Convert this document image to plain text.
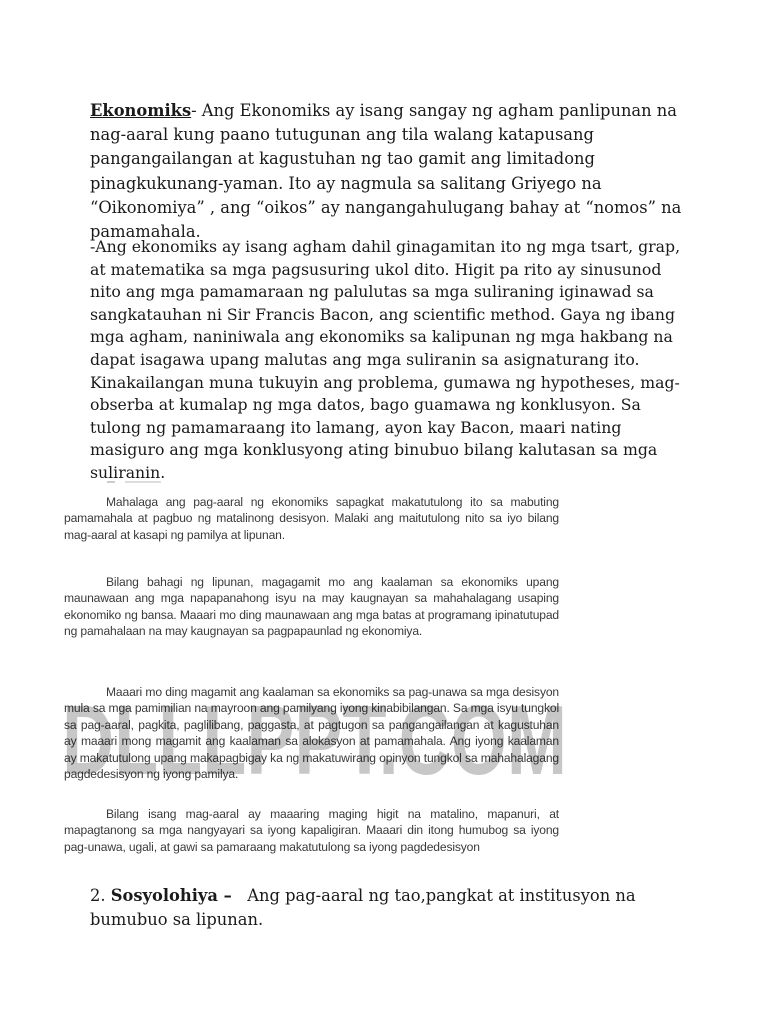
Ekonomiks- Ang Ekonomiks ay isang sangay ng agham panlipunan na nag-aaral kung paano tutugunan ang tila walang katapusang pangangailangan at kagustuhan ng tao gamit ang limitadong pinagkukunang-yaman. Ito ay nagmula sa salitang Griyego na “Oikonomiya” , ang “oikos” ay nangangahulugang bahay at “nomos” na pamamahala.
-Ang ekonomiks ay isang agham dahil ginagamitan ito ng mga tsart, grap, at matematika sa mga pagsusuring ukol dito. Higit pa rito ay sinusunod nito ang mga pamamaraan ng palulutas sa mga suliraning iginawad sa sangkatauhan ni Sir Francis Bacon, ang scientific method. Gaya ng ibang mga agham, naniniwala ang ekonomiks sa kalipunan ng mga hakbang na dapat isagawa upang malutas ang mga suliranin sa asignaturang ito. Kinakailangan muna tukuyin ang problema, gumawa ng hypotheses, mag-obserba at kumalap ng mga datos, bago guamawa ng konklusyon. Sa tulong ng pamamaraang ito lamang, ayon kay Bacon, maari nating masiguro ang mga konklusyong ating binubuo bilang kalutasan sa mga suliranin.

Mahalaga ang pag-aaral ng ekonomiks sapagkat makatutulong ito sa mabuting pamamahala at pagbuo ng matalinong desisyon. Malaki ang maitutulong nito sa iyo bilang mag-aaral at kasapi ng pamilya at lipunan.

Bilang bahagi ng lipunan, magagamit mo ang kaalaman sa ekonomiks upang maunawaan ang mga napapanahong isyu na may kaugnayan sa mahahalagang usaping ekonomiko ng bansa. Maaari mo ding maunawaan ang mga batas at programang ipinatutupad ng pamahalaan na may kaugnayan sa pagpapaunlad ng ekonomiya.

Maaari mo ding magamit ang kaalaman sa ekonomiks sa pag-unawa sa mga desisyon mula sa mga pamimilian na mayroon ang pamilyang iyong kinabibilangan. Sa mga isyu tungkol sa pag-aaral, pagkita, paglilibang, paggasta, at pagtugon sa pangangailangan at kagustuhan ay maaari mong magamit ang kaalaman sa alokasyon at pamamahala. Ang iyong kaalaman ay makatutulong upang makapagbigay ka ng makatuwirang opinyon tungkol sa mahahalagang pagdedesisyon ng iyong pamilya.

Bilang isang mag-aaral ay maaaring maging higit na matalino, mapanuri, at mapagtanong sa mga nangyayari sa iyong kapaligiran. Maaari din itong humubog sa iyong pag-unawa, ugali, at gawi sa pamaraang makatutulong sa iyong pagdedesisyon

DLLLPPT.COM
2. Sosyolohiya – Ang pag-aaral ng tao,pangkat at institusyon na bumubuo sa lipunan.
